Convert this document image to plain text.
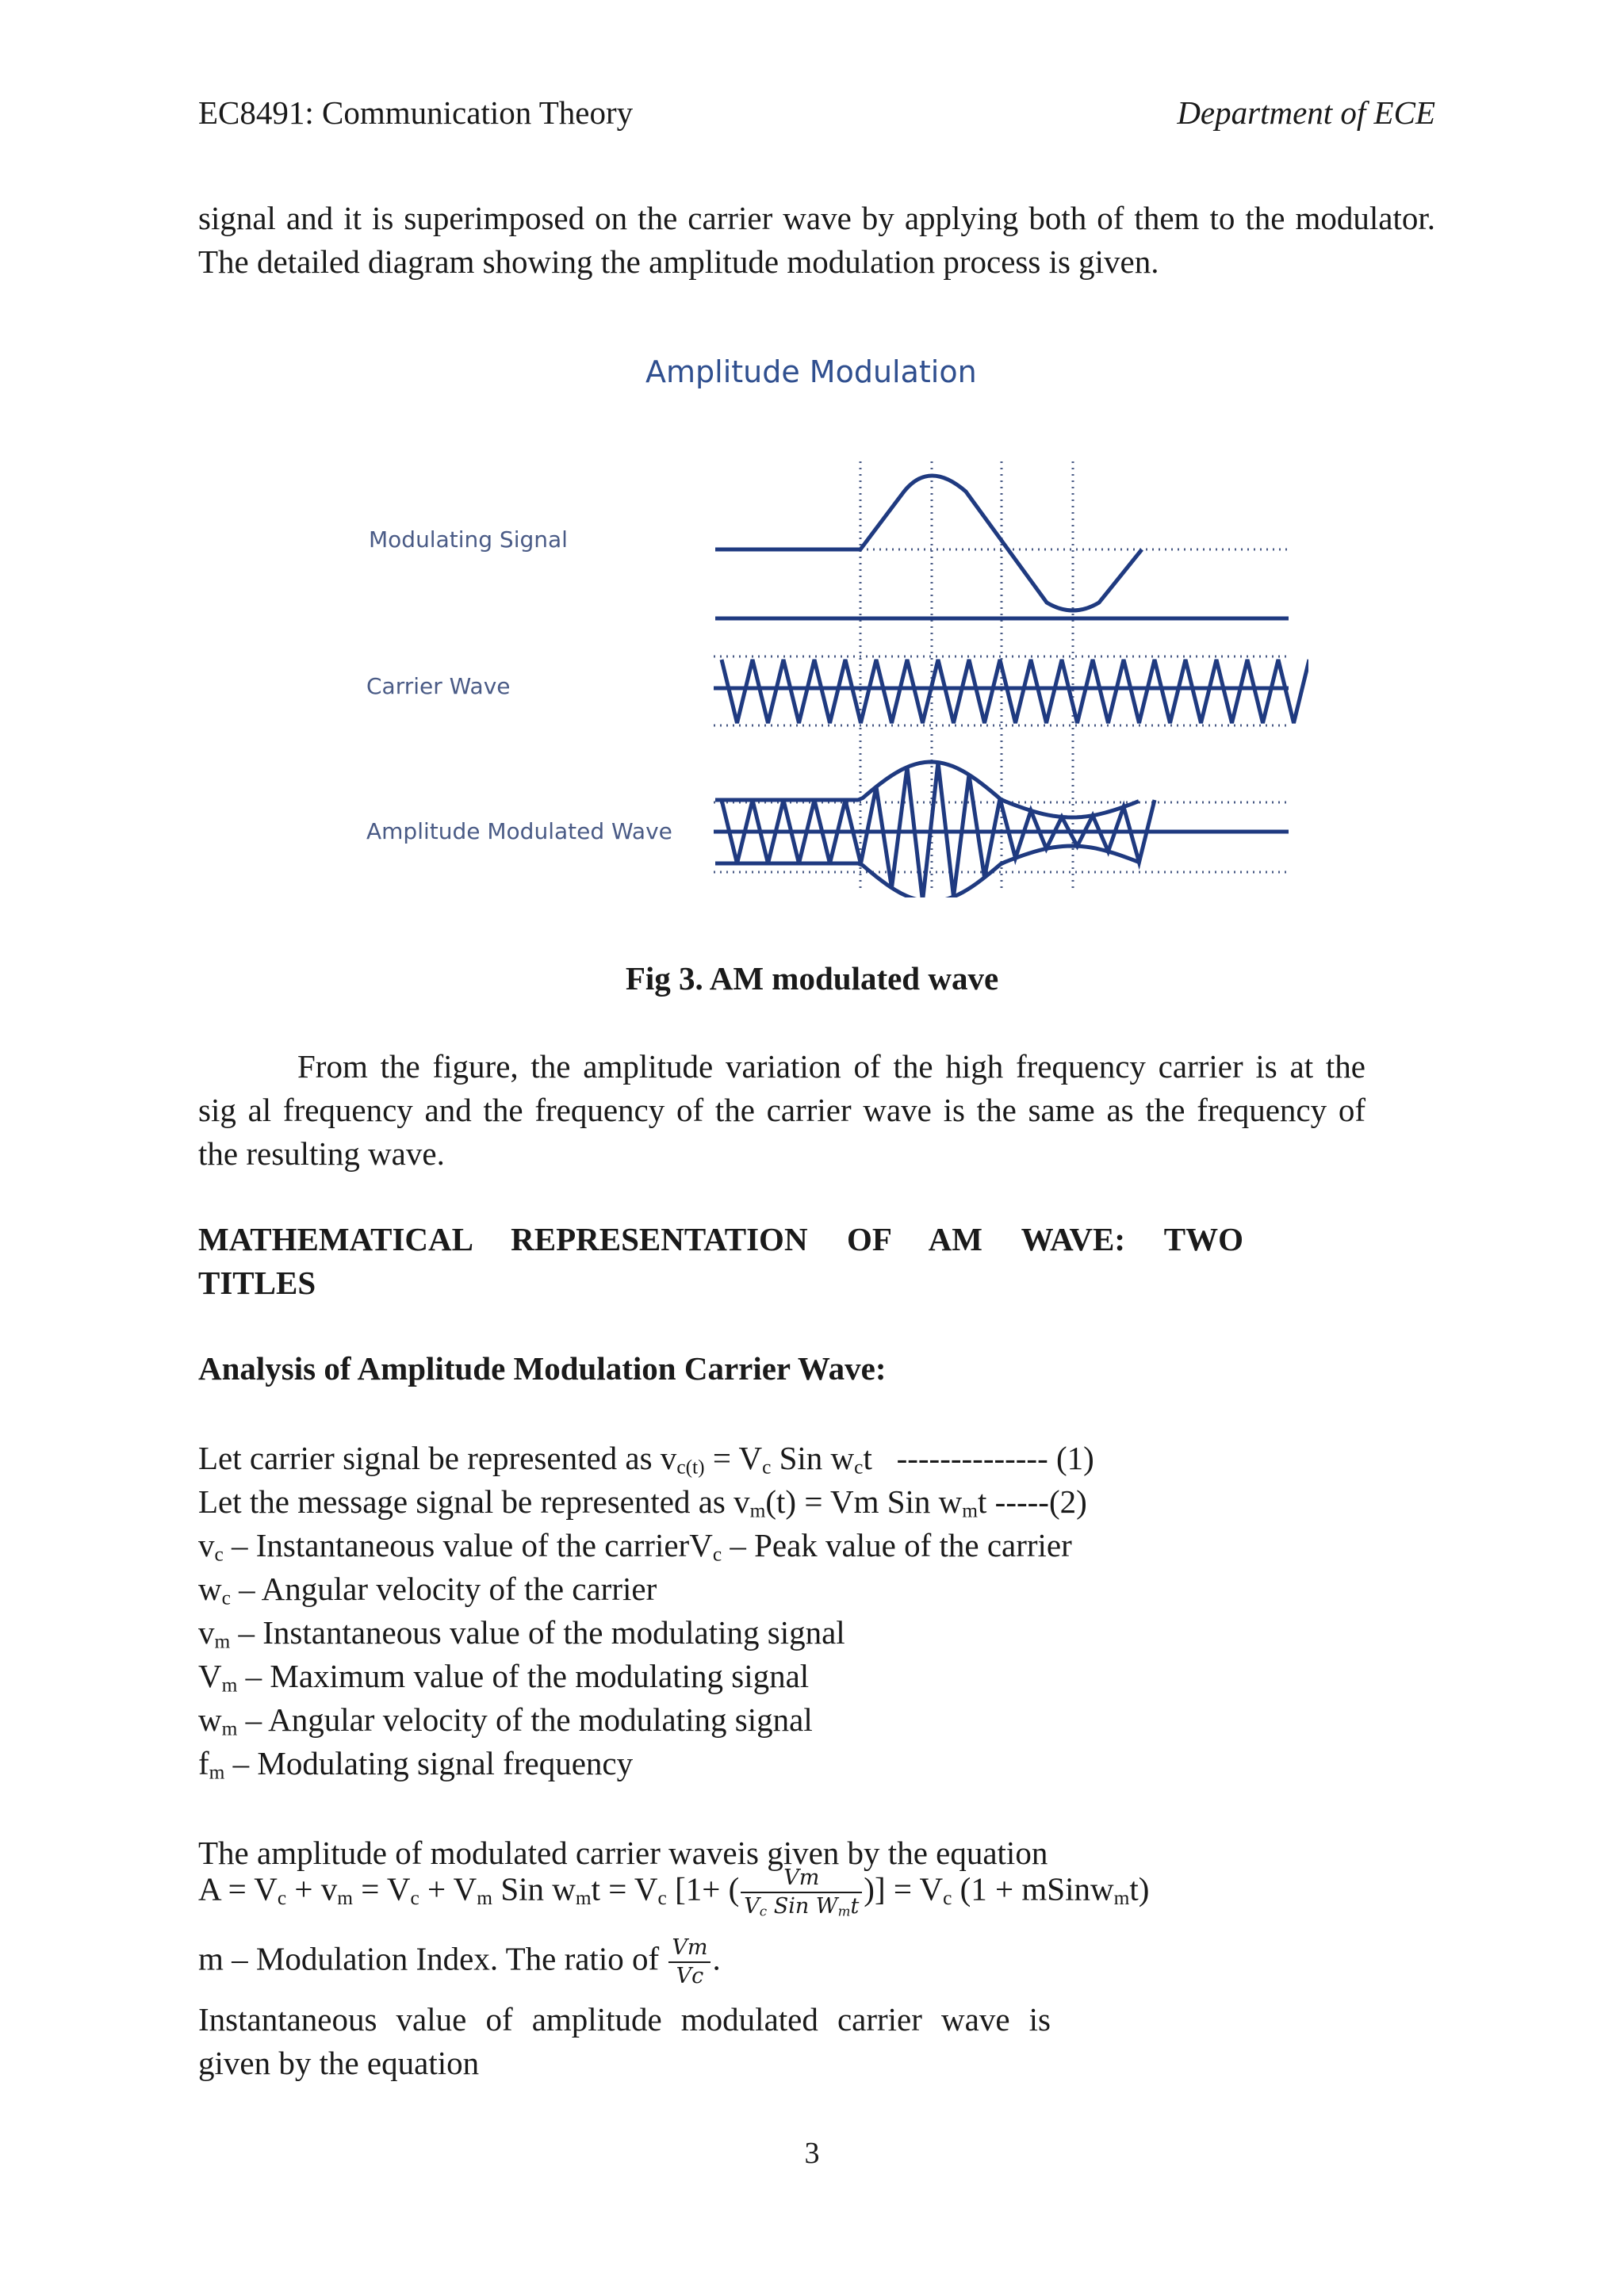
EC8491: Communication Theory	Department of ECE
signal and it is superimposed on the carrier wave by applying both of them to the modulator. The detailed diagram showing the amplitude modulation process is given.
Amplitude Modulation
Modulating Signal
Carrier Wave
Amplitude Modulated Wave
Fig 3. AM modulated wave
From the figure, the amplitude variation of the high frequency carrier is at the
sig al frequency and the frequency of the carrier wave is the same as the frequency of
the resulting wave.
MATHEMATICAL REPRESENTATION OF AM WAVE: TWO
TITLES
Analysis of Amplitude Modulation Carrier Wave:
Let carrier signal be represented as $v_{c(t)} = V_c$ Sin $w_ct$   -------------- (1)
Let the message signal be represented as $v_m(t) = Vm$ Sin $w_mt$ -----(2)
$v_c$ – Instantaneous value of the carrierV$_c$ – Peak value of the carrier
$w_c$ – Angular velocity of the carrier
$v_m$ – Instantaneous value of the modulating signal
$V_m$ – Maximum value of the modulating signal
$w_m$ – Angular velocity of the modulating signal
$f_m$ – Modulating signal frequency
The amplitude of modulated carrier waveis given by the equation
$A = V_c + v_m = V_c + V_m$ Sin $w_mt = V_c$ [1+ ( $\frac{Vm}{V_c Sin W_mt}$ )] = $V_c$ (1 + mSinw$_m$t)
m – Modulation Index. The ratio of $\frac{Vm}{Vc}$ .
Instantaneous value of amplitude modulated carrier wave is
given by the equation
3
